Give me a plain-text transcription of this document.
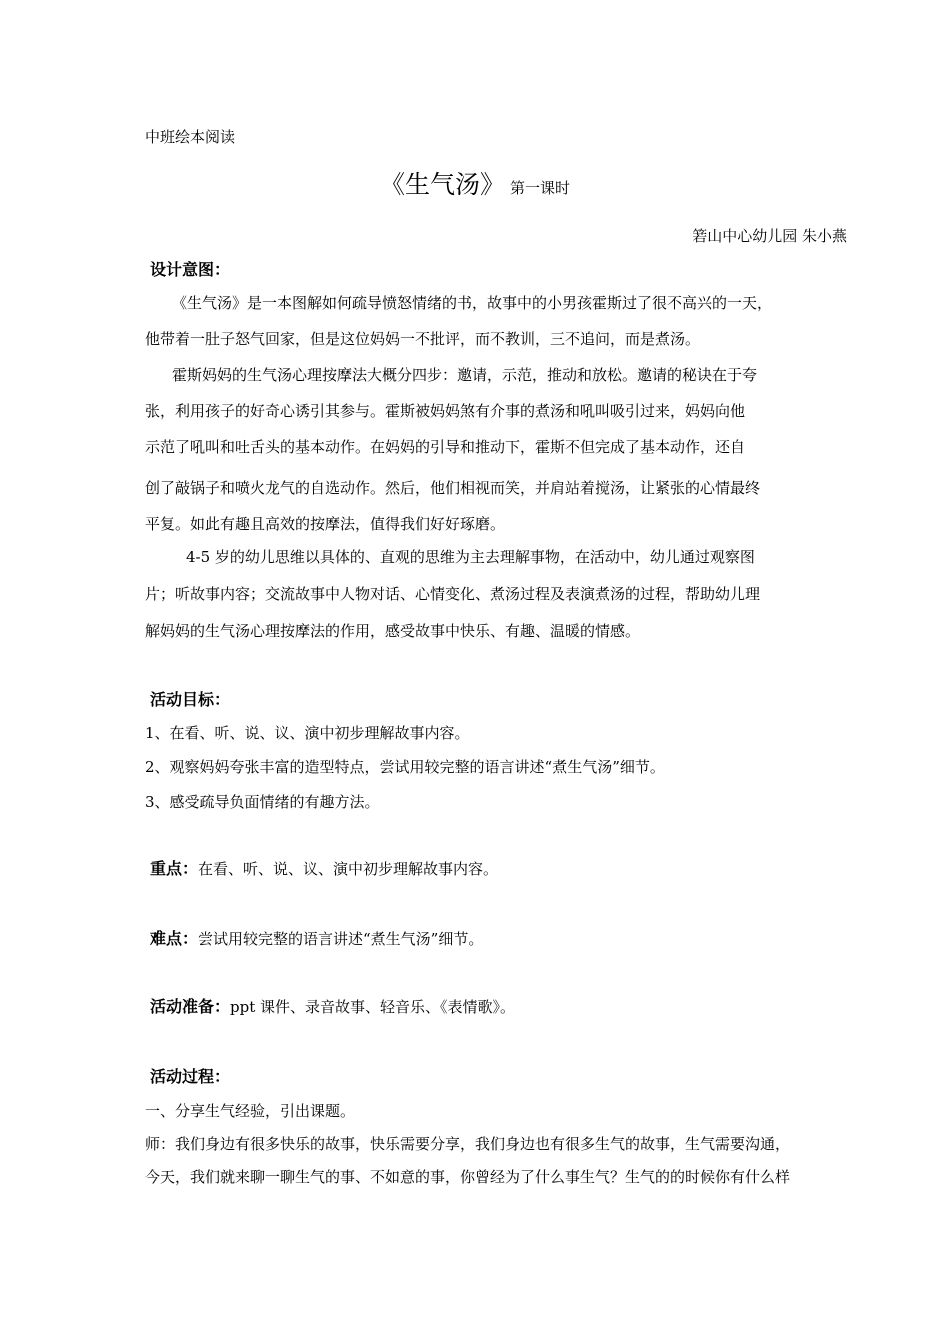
中班绘本阅读

《生气汤》 第一课时

箬山中心幼儿园 朱小燕

设计意图：

《生气汤》是一本图解如何疏导愤怒情绪的书，故事中的小男孩霍斯过了很不高兴的一天，

他带着一肚子怒气回家，但是这位妈妈一不批评，而不教训，三不追问，而是煮汤。

霍斯妈妈的生气汤心理按摩法大概分四步：邀请，示范，推动和放松。邀请的秘诀在于夸

张，利用孩子的好奇心诱引其参与。霍斯被妈妈煞有介事的煮汤和吼叫吸引过来，妈妈向他

示范了吼叫和吐舌头的基本动作。在妈妈的引导和推动下，霍斯不但完成了基本动作，还自

创了敲锅子和喷火龙气的自选动作。然后，他们相视而笑，并肩站着搅汤，让紧张的心情最终

平复。如此有趣且高效的按摩法，值得我们好好琢磨。

4-5 岁的幼儿思维以具体的、直观的思维为主去理解事物，在活动中，幼儿通过观察图

片；听故事内容；交流故事中人物对话、心情变化、煮汤过程及表演煮汤的过程，帮助幼儿理

解妈妈的生气汤心理按摩法的作用，感受故事中快乐、有趣、温暖的情感。

活动目标：

1、在看、听、说、议、演中初步理解故事内容。

2、观察妈妈夸张丰富的造型特点，尝试用较完整的语言讲述“煮生气汤”细节。

3、感受疏导负面情绪的有趣方法。

重点：在看、听、说、议、演中初步理解故事内容。

难点：尝试用较完整的语言讲述“煮生气汤”细节。

活动准备：ppt 课件、录音故事、轻音乐、《表情歌》。

活动过程：

一、分享生气经验，引出课题。

师：我们身边有很多快乐的故事，快乐需要分享，我们身边也有很多生气的故事，生气需要沟通，

今天，我们就来聊一聊生气的事、不如意的事，你曾经为了什么事生气？生气的的时候你有什么样
